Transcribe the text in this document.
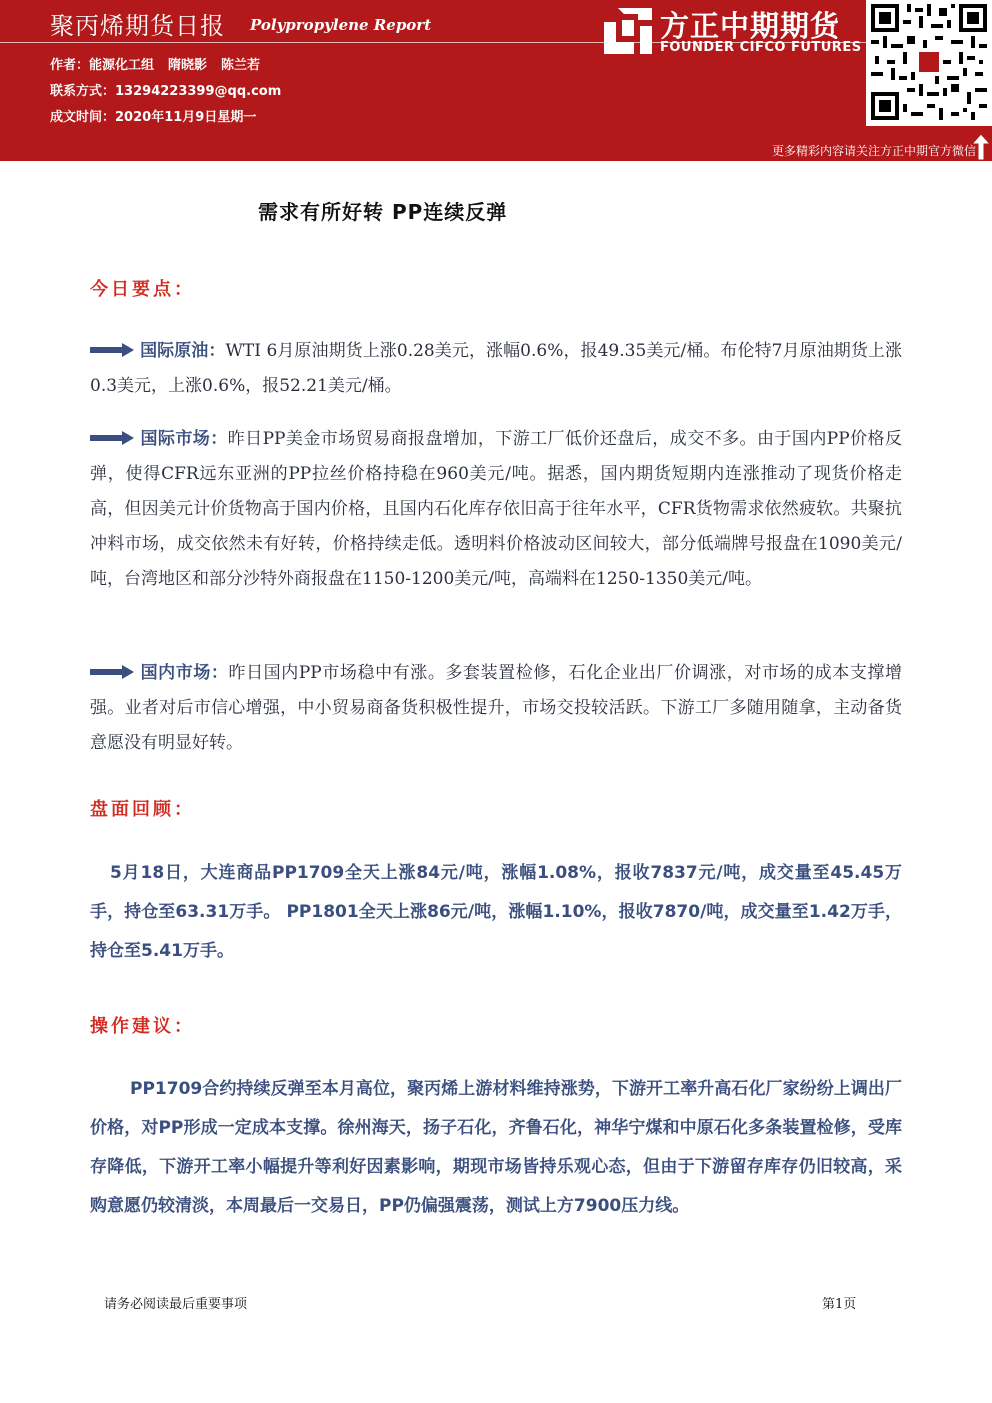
聚丙烯期货日报 Polypropylene Report
作者：能源化工组 隋晓影 陈兰若
联系方式：13294223399@qq.com
成文时间：2020年11月9日星期一
方正中期期货
FOUNDER CIFCO FUTURES
更多精彩内容请关注方正中期官方微信
需求有所好转 PP连续反弹
今日要点：
国际原油：WTI 6月原油期货上涨0.28美元，涨幅0.6%，报49.35美元/桶。布伦特7月原油期货上涨0.3美元，上涨0.6%，报52.21美元/桶。
国际市场：昨日PP美金市场贸易商报盘增加，下游工厂低价还盘后，成交不多。由于国内PP价格反弹，使得CFR远东亚洲的PP拉丝价格持稳在960美元/吨。据悉，国内期货短期内连涨推动了现货价格走高，但因美元计价货物高于国内价格，且国内石化库存依旧高于往年水平，CFR货物需求依然疲软。共聚抗冲料市场，成交依然未有好转，价格持续走低。透明料价格波动区间较大，部分低端牌号报盘在1090美元/吨，台湾地区和部分沙特外商报盘在1150-1200美元/吨，高端料在1250-1350美元/吨。
国内市场：昨日国内PP市场稳中有涨。多套装置检修，石化企业出厂价调涨，对市场的成本支撑增强。业者对后市信心增强，中小贸易商备货积极性提升，市场交投较活跃。下游工厂多随用随拿，主动备货意愿没有明显好转。
盘面回顾：
5月18日，大连商品PP1709全天上涨84元/吨，涨幅1.08%，报收7837元/吨，成交量至45.45万手，持仓至63.31万手。 PP1801全天上涨86元/吨，涨幅1.10%，报收7870/吨，成交量至1.42万手，持仓至5.41万手。
操作建议：
PP1709合约持续反弹至本月高位，聚丙烯上游材料维持涨势，下游开工率升高石化厂家纷纷上调出厂价格，对PP形成一定成本支撑。徐州海天，扬子石化，齐鲁石化，神华宁煤和中原石化多条装置检修，受库存降低，下游开工率小幅提升等利好因素影响，期现市场皆持乐观心态，但由于下游留存库存仍旧较高，采购意愿仍较清淡，本周最后一交易日，PP仍偏强震荡，测试上方7900压力线。
请务必阅读最后重要事项	第1页
